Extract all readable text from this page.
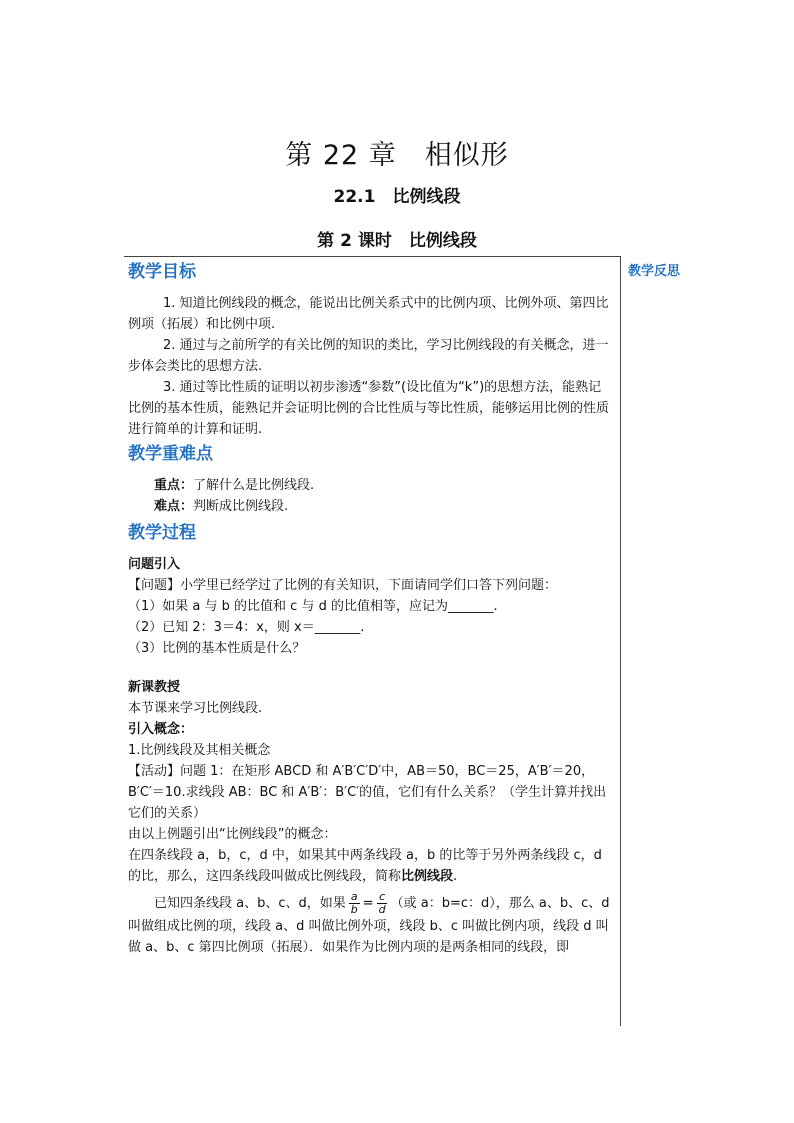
第 22 章　相似形
22.1　比例线段
第 2 课时　比例线段
教学反思

教学目标

1. 知道比例线段的概念，能说出比例关系式中的比例内项、比例外项、第四比例项（拓展）和比例中项.

2. 通过与之前所学的有关比例的知识的类比，学习比例线段的有关概念，进一步体会类比的思想方法.

3. 通过等比性质的证明以初步渗透“参数”(设比值为“k”)的思想方法，能熟记比例的基本性质，能熟记并会证明比例的合比性质与等比性质，能够运用比例的性质进行简单的计算和证明.

教学重难点

重点：了解什么是比例线段.

难点：判断成比例线段.

教学过程

问题引入

【问题】小学里已经学过了比例的有关知识，下面请同学们口答下列问题：

（1）如果 a 与 b 的比值和 c 与 d 的比值相等，应记为_______.

（2）已知 2：3＝4：x，则 x＝_______.

（3）比例的基本性质是什么？

新课教授

本节课来学习比例线段.

引入概念：

1.比例线段及其相关概念

【活动】问题 1：在矩形 ABCD 和 A′B′C′D′中，AB＝50，BC＝25，A′B′＝20，B′C′＝10.求线段 AB：BC 和 A′B′：B′C′的值，它们有什么关系？（学生计算并找出它们的关系）

由以上例题引出“比例线段”的概念：

在四条线段 a，b，c，d 中，如果其中两条线段 a，b 的比等于另外两条线段 c，d 的比，那么，这四条线段叫做成比例线段，简称比例线段.

已知四条线段 a、b、c、d，如果 $\frac{a}{b} = \frac{c}{d}$ （或 a：b=c：d），那么 a、b、c、d

叫做组成比例的项，线段 a、d 叫做比例外项，线段 b、c 叫做比例内项，线段 d 叫做 a、b、c 第四比例项（拓展）．如果作为比例内项的是两条相同的线段，即
